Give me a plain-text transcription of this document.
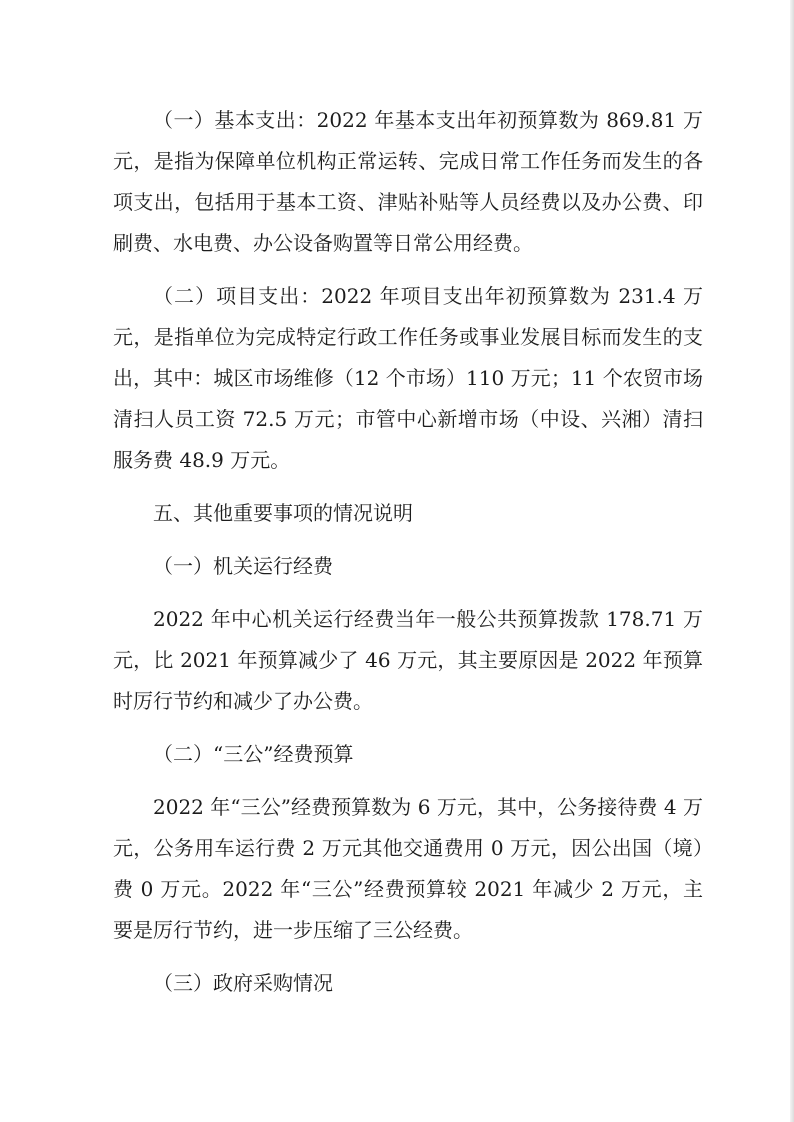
（一）基本支出：2022 年基本支出年初预算数为 869.81 万元，是指为保障单位机构正常运转、完成日常工作任务而发生的各项支出，包括用于基本工资、津贴补贴等人员经费以及办公费、印刷费、水电费、办公设备购置等日常公用经费。

（二）项目支出：2022 年项目支出年初预算数为 231.4 万元，是指单位为完成特定行政工作任务或事业发展目标而发生的支出，其中：城区市场维修（12 个市场）110 万元；11 个农贸市场清扫人员工资 72.5 万元；市管中心新增市场（中设、兴湘）清扫服务费 48.9 万元。

五、其他重要事项的情况说明

（一）机关运行经费

2022 年中心机关运行经费当年一般公共预算拨款 178.71 万元，比 2021 年预算减少了 46 万元，其主要原因是 2022 年预算时厉行节约和减少了办公费。

（二）“三公”经费预算

2022 年“三公”经费预算数为 6 万元，其中，公务接待费 4 万元，公务用车运行费 2 万元其他交通费用 0 万元，因公出国（境）费 0 万元。2022 年“三公”经费预算较 2021 年减少 2 万元，主要是厉行节约，进一步压缩了三公经费。

（三）政府采购情况
